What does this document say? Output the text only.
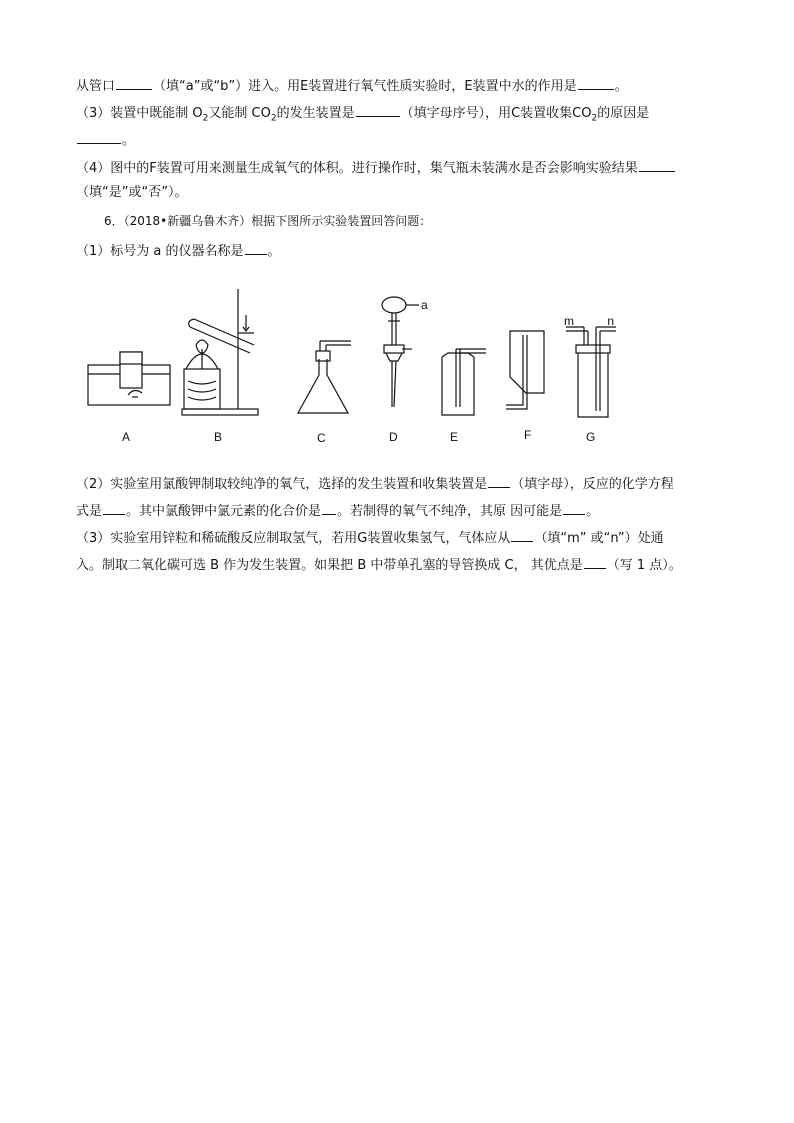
从管口	（填“a”或“b”）进入。用E装置进行氧气性质实验时，E装置中水的作用是	。
（3）装置中既能制 $O_2$又能制 $CO_2$的发生装置是	（填字母序号），用C装置收集$CO_2$的原因是
。
（4）图中的F装置可用来测量生成氧气的体积。进行操作时，集气瓶未装满水是否会影响实验结果
（填“是”或“否”）。
6．（2018•新疆乌鲁木齐）根据下图所示实验装置回答问题：
（1）标号为 a 的仪器名称是 。
a
m	n
A	B	C	D	E	F	G
（2）实验室用氯酸钾制取较纯净的氧气，选择的发生装置和收集装置是 （填字母），反应的化学方程
式是 。其中氯酸钾中氯元素的化合价是 。若制得的氧气不纯净，其原 因可能是 。
（3）实验室用锌粒和稀硫酸反应制取氢气，若用G装置收集氢气，气体应从 （填“m” 或“n”）处通
入。制取二氧化碳可选 B 作为发生装置。如果把 B 中带单孔塞的导管换成 C， 其优点是 （写 1 点）。
